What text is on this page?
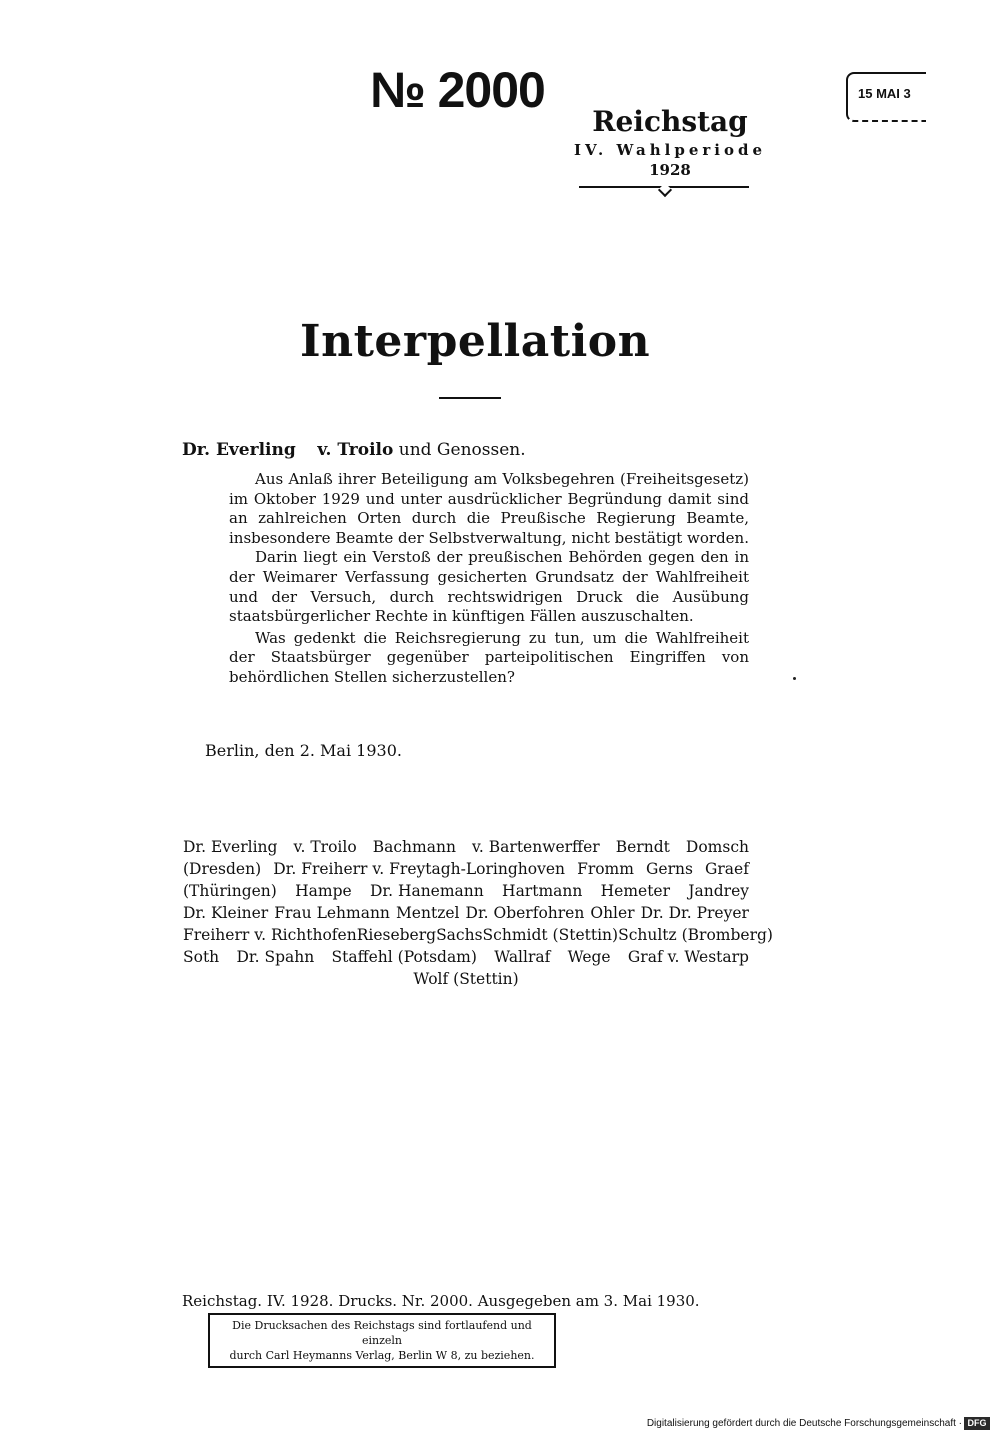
№ 2000	15 MAI 3
Reichstag
IV. Wahlperiode
1928
Interpellation
Dr. Everling v. Troilo und Genossen.

Aus Anlaß ihrer Beteiligung am Volksbegehren (Freiheitsgesetz) im Oktober 1929 und unter ausdrücklicher Begründung damit sind an zahlreichen Orten durch die Preußische Regierung Beamte, insbesondere Beamte der Selbstverwaltung, nicht bestätigt worden.

Darin liegt ein Verstoß der preußischen Behörden gegen den in der Weimarer Verfassung gesicherten Grundsatz der Wahlfreiheit und der Versuch, durch rechtswidrigen Druck die Ausübung staatsbürgerlicher Rechte in künftigen Fällen auszuschalten.

Was gedenkt die Reichsregierung zu tun, um die Wahlfreiheit der Staatsbürger gegenüber parteipolitischen Eingriffen von behördlichen Stellen sicherzustellen?

Berlin, den 2. Mai 1930.
Dr. Everling v. Troilo Bachmann v. Bartenwerffer Berndt Domsch
(Dresden) Dr. Freiherr v. Freytagh-Loringhoven Fromm Gerns Graef
(Thüringen) Hampe Dr. Hanemann Hartmann Hemeter Jandrey
Dr. Kleiner Frau Lehmann Mentzel Dr. Oberfohren Ohler Dr. Dr. Preyer
Freiherr v. Richthofen Rieseberg Sachs Schmidt (Stettin) Schultz (Bromberg)
Soth Dr. Spahn Staffehl (Potsdam) Wallraf Wege Graf v. Westarp
Wolf (Stettin)
Reichstag. IV. 1928. Drucks. Nr. 2000. Ausgegeben am 3. Mai 1930.
Die Drucksachen des Reichstags sind fortlaufend und einzeln
durch Carl Heymanns Verlag, Berlin W 8, zu beziehen.
Digitalisierung gefördert durch die Deutsche Forschungsgemeinschaft · DFG
